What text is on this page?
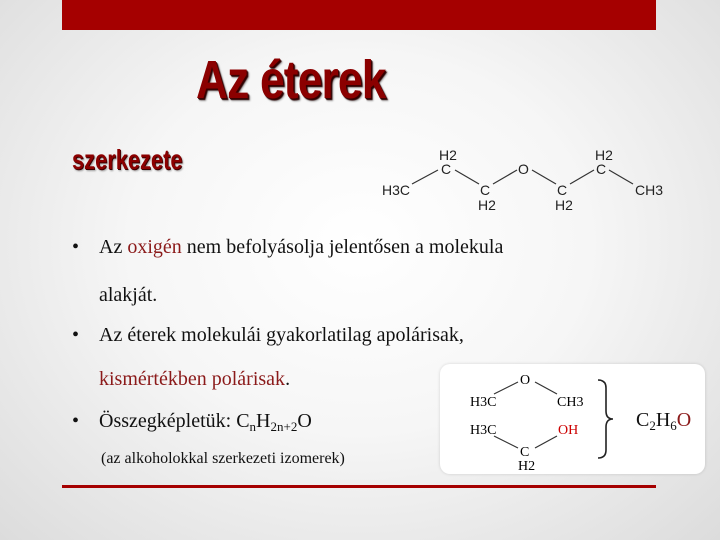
Az éterek
szerkezete
H3C
H2
C
C
H2
O
C
H2
C
H2
CH3

• Az oxigén nem befolyásolja jelentősen a molekula

alakját.

• Az éterek molekulái gyakorlatilag apolárisak,

kismértékben polárisak.

• Összegképletük: $C_nH_{2n+2}O$

(az alkoholokkal szerkezeti izomerek)
H3C
O
CH3
H3C
C
H2
OH	$C_2H_6O$
